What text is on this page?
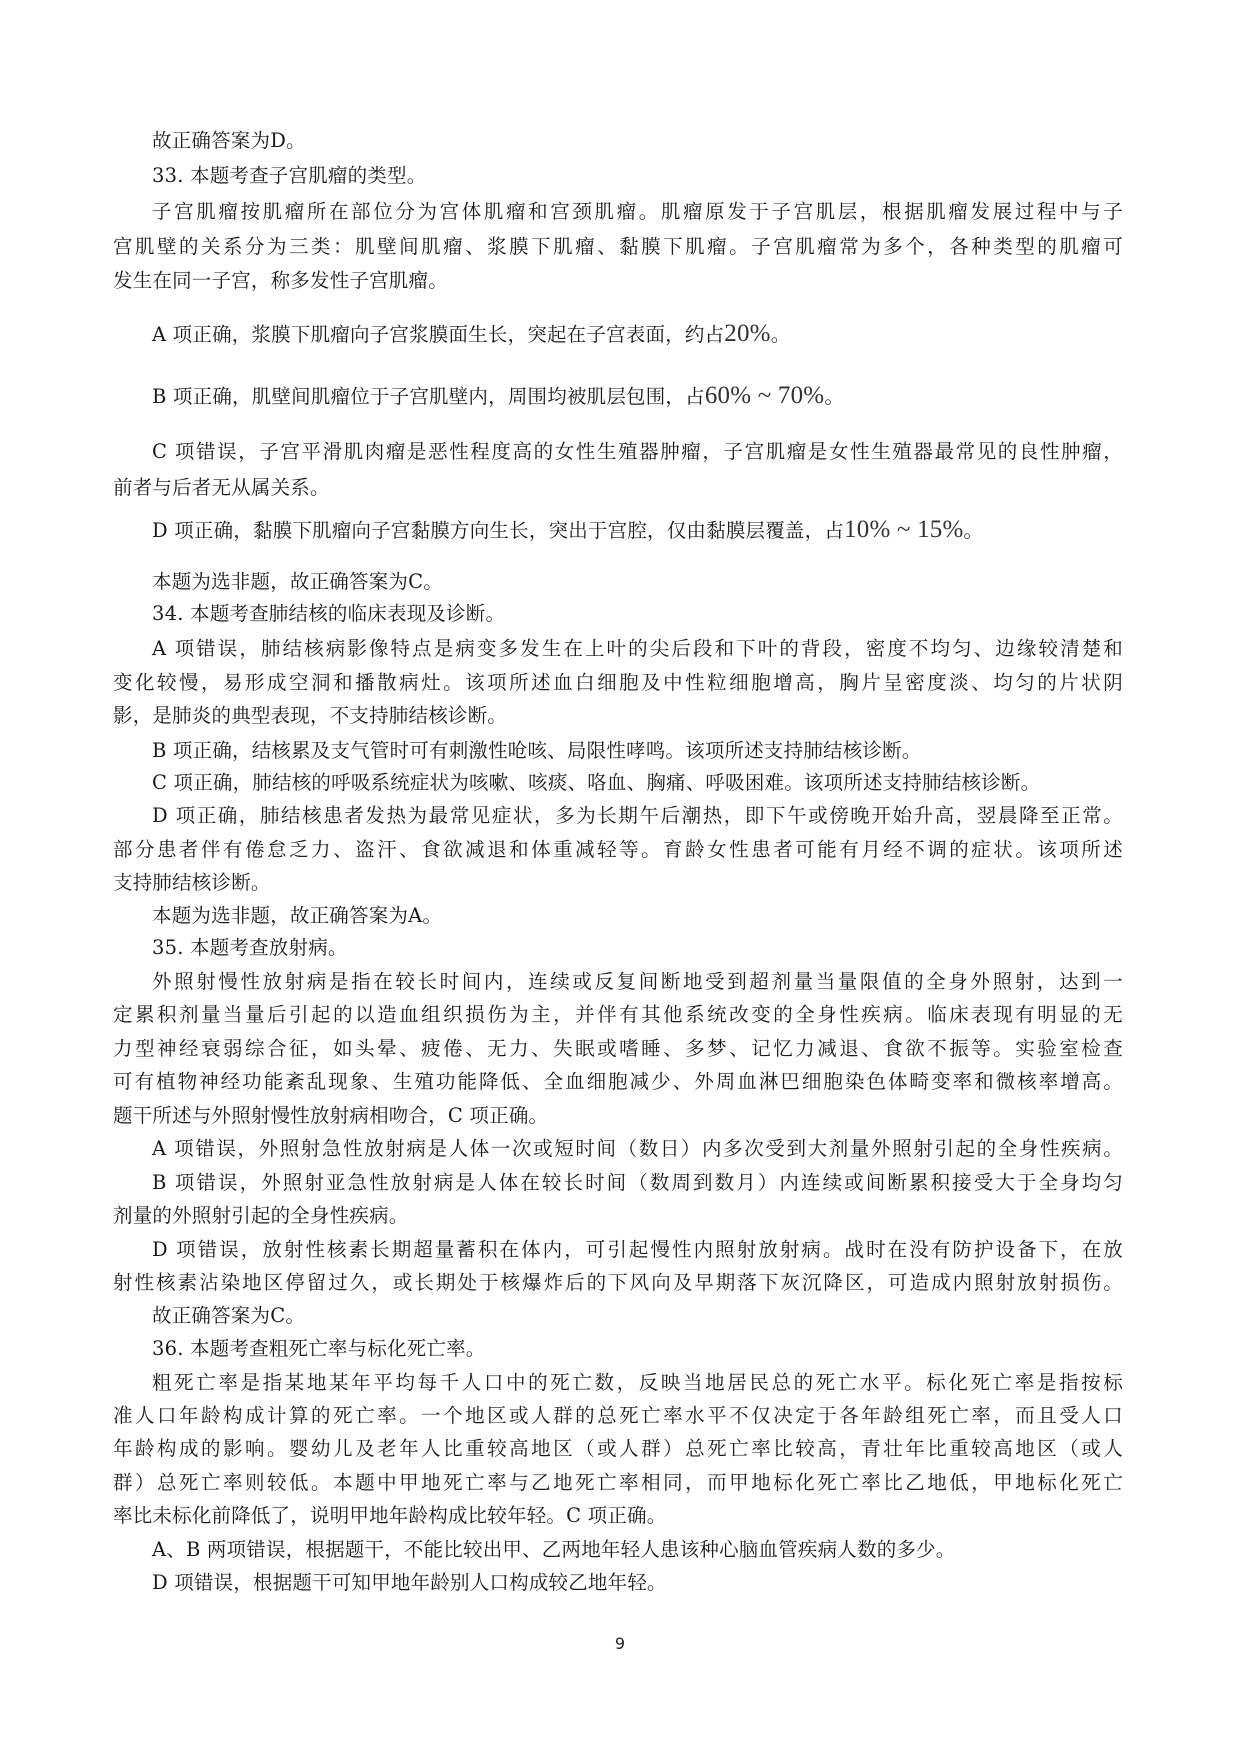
故正确答案为D。
33. 本题考查子宫肌瘤的类型。
子宫肌瘤按肌瘤所在部位分为宫体肌瘤和宫颈肌瘤。肌瘤原发于子宫肌层，根据肌瘤发展过程中与子
宫肌壁的关系分为三类：肌壁间肌瘤、浆膜下肌瘤、黏膜下肌瘤。子宫肌瘤常为多个，各种类型的肌瘤可
发生在同一子宫，称多发性子宫肌瘤。
A 项正确，浆膜下肌瘤向子宫浆膜面生长，突起在子宫表面，约占20%。
B 项正确，肌壁间肌瘤位于子宫肌壁内，周围均被肌层包围，占60% ~ 70%。
C 项错误，子宫平滑肌肉瘤是恶性程度高的女性生殖器肿瘤，子宫肌瘤是女性生殖器最常见的良性肿瘤，
前者与后者无从属关系。
D 项正确，黏膜下肌瘤向子宫黏膜方向生长，突出于宫腔，仅由黏膜层覆盖，占10% ~ 15%。
本题为选非题，故正确答案为C。
34. 本题考查肺结核的临床表现及诊断。
A 项错误，肺结核病影像特点是病变多发生在上叶的尖后段和下叶的背段，密度不均匀、边缘较清楚和
变化较慢，易形成空洞和播散病灶。该项所述血白细胞及中性粒细胞增高，胸片呈密度淡、均匀的片状阴
影，是肺炎的典型表现，不支持肺结核诊断。
B 项正确，结核累及支气管时可有刺激性呛咳、局限性哮鸣。该项所述支持肺结核诊断。
C 项正确，肺结核的呼吸系统症状为咳嗽、咳痰、咯血、胸痛、呼吸困难。该项所述支持肺结核诊断。
D 项正确，肺结核患者发热为最常见症状，多为长期午后潮热，即下午或傍晚开始升高，翌晨降至正常。
部分患者伴有倦怠乏力、盗汗、食欲减退和体重减轻等。育龄女性患者可能有月经不调的症状。该项所述
支持肺结核诊断。
本题为选非题，故正确答案为A。
35. 本题考查放射病。
外照射慢性放射病是指在较长时间内，连续或反复间断地受到超剂量当量限值的全身外照射，达到一
定累积剂量当量后引起的以造血组织损伤为主，并伴有其他系统改变的全身性疾病。临床表现有明显的无
力型神经衰弱综合征，如头晕、疲倦、无力、失眠或嗜睡、多梦、记忆力减退、食欲不振等。实验室检查
可有植物神经功能紊乱现象、生殖功能降低、全血细胞减少、外周血淋巴细胞染色体畸变率和微核率增高。
题干所述与外照射慢性放射病相吻合，C 项正确。
A 项错误，外照射急性放射病是人体一次或短时间（数日）内多次受到大剂量外照射引起的全身性疾病。
B 项错误，外照射亚急性放射病是人体在较长时间（数周到数月）内连续或间断累积接受大于全身均匀
剂量的外照射引起的全身性疾病。
D 项错误，放射性核素长期超量蓄积在体内，可引起慢性内照射放射病。战时在没有防护设备下，在放
射性核素沾染地区停留过久，或长期处于核爆炸后的下风向及早期落下灰沉降区，可造成内照射放射损伤。
故正确答案为C。
36. 本题考查粗死亡率与标化死亡率。
粗死亡率是指某地某年平均每千人口中的死亡数，反映当地居民总的死亡水平。标化死亡率是指按标
准人口年龄构成计算的死亡率。一个地区或人群的总死亡率水平不仅决定于各年龄组死亡率，而且受人口
年龄构成的影响。婴幼儿及老年人比重较高地区（或人群）总死亡率比较高，青壮年比重较高地区（或人
群）总死亡率则较低。本题中甲地死亡率与乙地死亡率相同，而甲地标化死亡率比乙地低，甲地标化死亡
率比未标化前降低了，说明甲地年龄构成比较年轻。C 项正确。
A、B 两项错误，根据题干，不能比较出甲、乙两地年轻人患该种心脑血管疾病人数的多少。
D 项错误，根据题干可知甲地年龄别人口构成较乙地年轻。
9
